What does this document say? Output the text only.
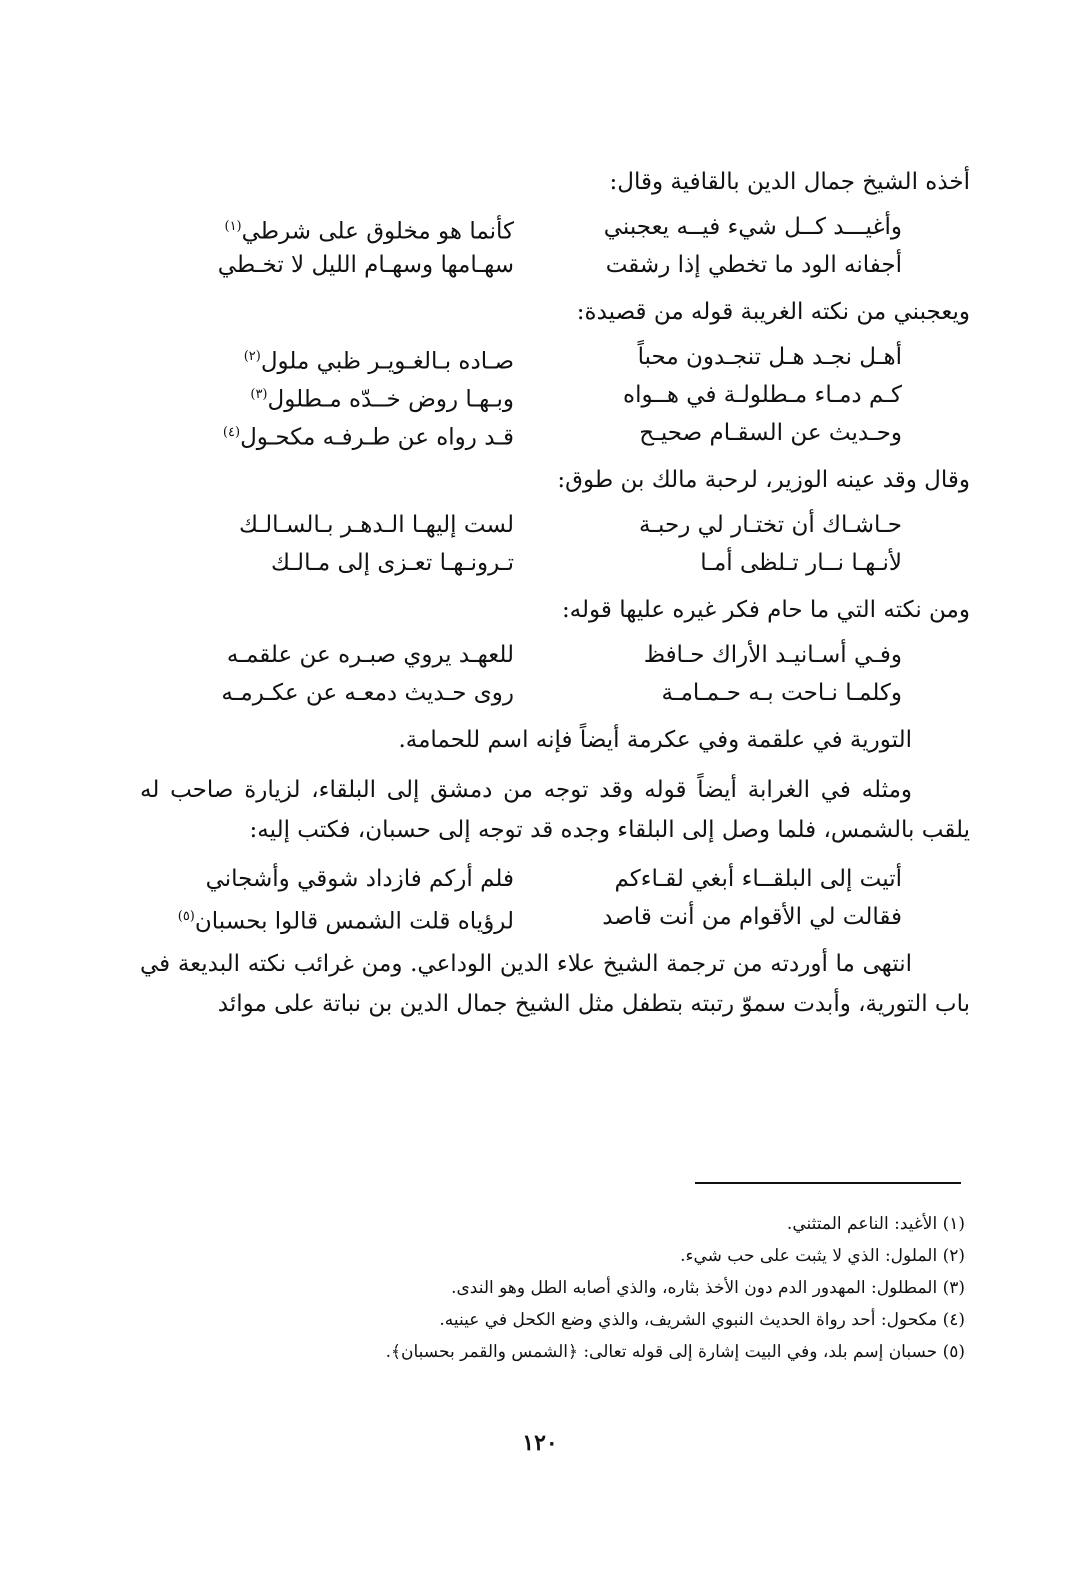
أخذه الشيخ جمال الدين بالقافية وقال:
وأغيـــد كــل شيء فيــه يعجبني
كأنما هو مخلوق على شرطي$^{(١)}$
أجفانه الود ما تخطي إذا رشقت
سهـامها وسهـام الليل لا تخـطي
ويعجبني من نكته الغريبة قوله من قصيدة:
أهـل نجـد هـل تنجـدون محباً
صـاده بـالغـويـر ظبي ملول$^{(٢)}$
كـم دمـاء مـطلولـة في هــواه
وبـهـا روض خــدّه مـطلول$^{(٣)}$
وحـديث عن السقـام صحيـح
قـد رواه عن طـرفـه مكحـول$^{(٤)}$
وقال وقد عينه الوزير، لرحبة مالك بن طوق:
حـاشـاك أن تختـار لي رحبـة
لست إليهـا الـدهـر بـالسـالـك
لأنـهـا نــار تـلظى أمـا
تـرونـهـا تعـزى إلى مـالـك
ومن نكته التي ما حام فكر غيره عليها قوله:
وفـي أسـانيـد الأراك حـافظ
للعهـد يروي صبـره عن علقمـه
وكلمـا نـاحت بـه حـمـامـة
روى حـديث دمعـه عن عكـرمـه

التورية في علقمة وفي عكرمة أيضاً فإنه اسم للحمامة.

ومثله في الغرابة أيضاً قوله وقد توجه من دمشق إلى البلقاء، لزيارة صاحب له يلقب بالشمس، فلما وصل إلى البلقاء وجده قد توجه إلى حسبان، فكتب إليه:

أتيت إلى البلقــاء أبغي لقـاءكم
فلم أركم فازداد شوقي وأشجاني
فقالت لي الأقوام من أنت قاصد
لرؤياه قلت الشمس قالوا بحسبان$^{(٥)}$

انتهى ما أوردته من ترجمة الشيخ علاء الدين الوداعي. ومن غرائب نكته البديعة في باب التورية، وأبدت سموّ رتبته بتطفل مثل الشيخ جمال الدين بن نباتة على موائد

(١) الأغيد: الناعم المتثني.
(٢) الملول: الذي لا يثبت على حب شيء.
(٣) المطلول: المهدور الدم دون الأخذ بثاره، والذي أصابه الطل وهو الندى.
(٤) مكحول: أحد رواة الحديث النبوي الشريف، والذي وضع الكحل في عينيه.
(٥) حسبان إسم بلد، وفي البيت إشارة إلى قوله تعالى: ﴿الشمس والقمر بحسبان﴾.
١٢٠
